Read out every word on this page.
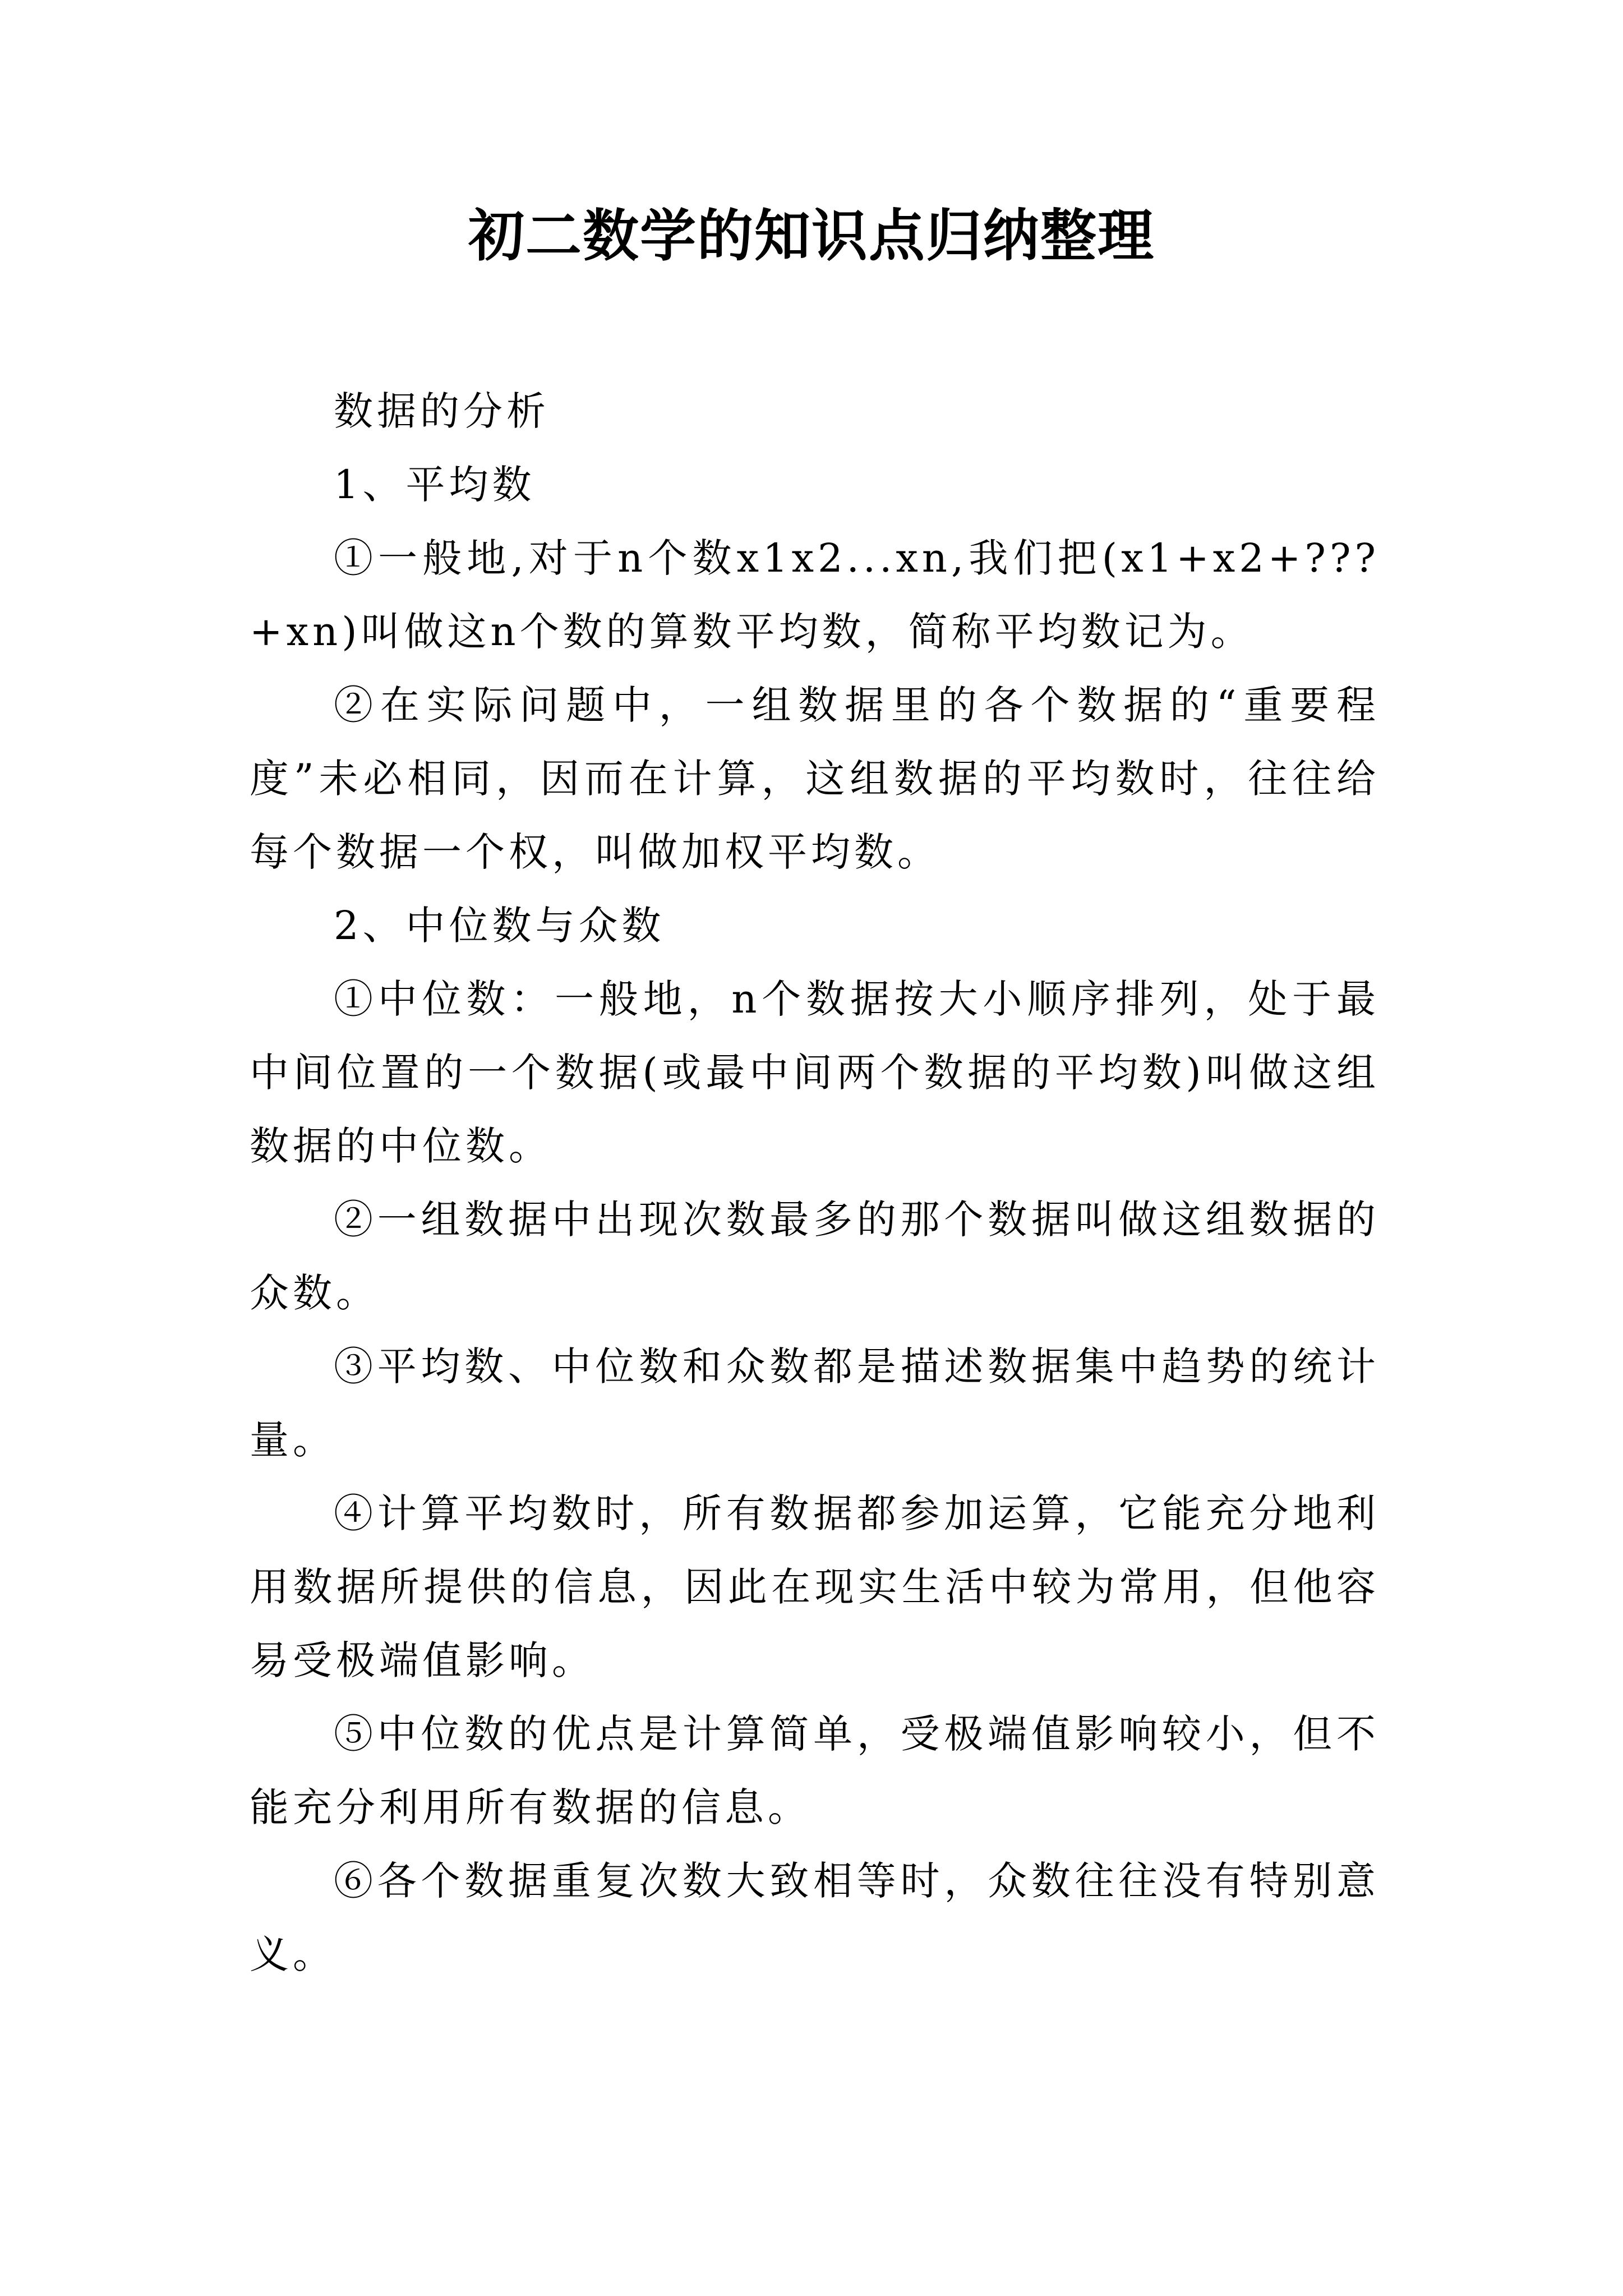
初二数学的知识点归纳整理

数据的分析

1、平均数

①一般地,对于n个数x1x2...xn,我们把(x1+x2+???+xn)叫做这n个数的算数平均数，简称平均数记为。

②在实际问题中，一组数据里的各个数据的“重要程度”未必相同，因而在计算，这组数据的平均数时，往往给每个数据一个权，叫做加权平均数。

2、中位数与众数

①中位数：一般地，n个数据按大小顺序排列，处于最中间位置的一个数据(或最中间两个数据的平均数)叫做这组数据的中位数。

②一组数据中出现次数最多的那个数据叫做这组数据的众数。

③平均数、中位数和众数都是描述数据集中趋势的统计量。

④计算平均数时，所有数据都参加运算，它能充分地利用数据所提供的信息，因此在现实生活中较为常用，但他容易受极端值影响。

⑤中位数的优点是计算简单，受极端值影响较小，但不能充分利用所有数据的信息。

⑥各个数据重复次数大致相等时，众数往往没有特别意义。
